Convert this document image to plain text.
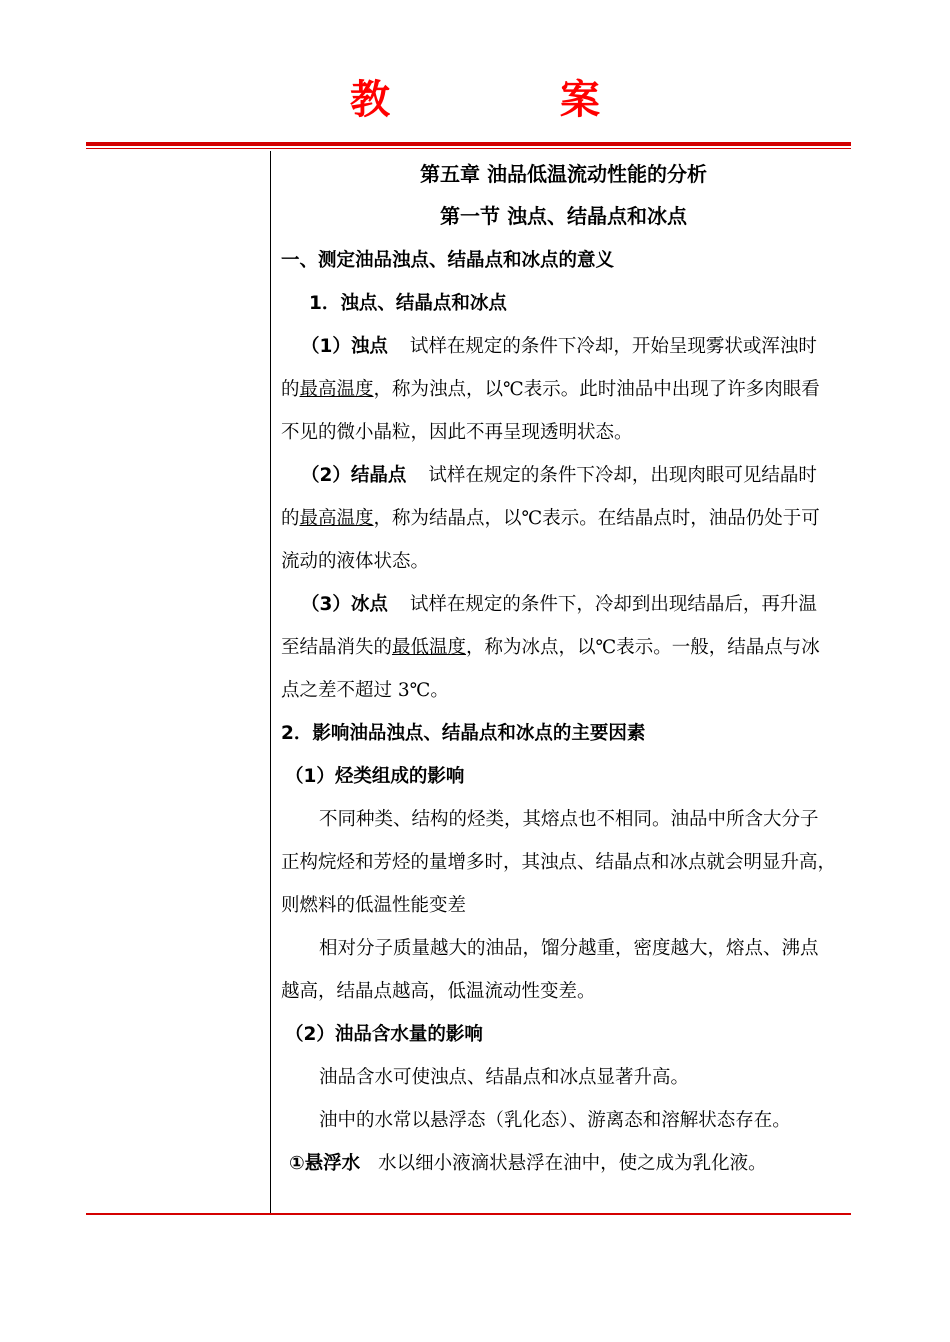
教 案
第五章 油品低温流动性能的分析
第一节 浊点、结晶点和冰点
一、测定油品浊点、结晶点和冰点的意义
1．浊点、结晶点和冰点
（1）浊点 试样在规定的条件下冷却，开始呈现雾状或浑浊时
的最高温度，称为浊点，以℃表示。此时油品中出现了许多肉眼看
不见的微小晶粒，因此不再呈现透明状态。
（2）结晶点 试样在规定的条件下冷却，出现肉眼可见结晶时
的最高温度，称为结晶点，以℃表示。在结晶点时，油品仍处于可
流动的液体状态。
（3）冰点 试样在规定的条件下，冷却到出现结晶后，再升温
至结晶消失的最低温度，称为冰点，以℃表示。一般，结晶点与冰
点之差不超过 3℃。
2．影响油品浊点、结晶点和冰点的主要因素
（1）烃类组成的影响
不同种类、结构的烃类，其熔点也不相同。油品中所含大分子
正构烷烃和芳烃的量增多时，其浊点、结晶点和冰点就会明显升高，
则燃料的低温性能变差
相对分子质量越大的油品，馏分越重，密度越大，熔点、沸点
越高，结晶点越高，低温流动性变差。
（2）油品含水量的影响
油品含水可使浊点、结晶点和冰点显著升高。
油中的水常以悬浮态（乳化态）、游离态和溶解状态存在。
①悬浮水 水以细小液滴状悬浮在油中，使之成为乳化液。
